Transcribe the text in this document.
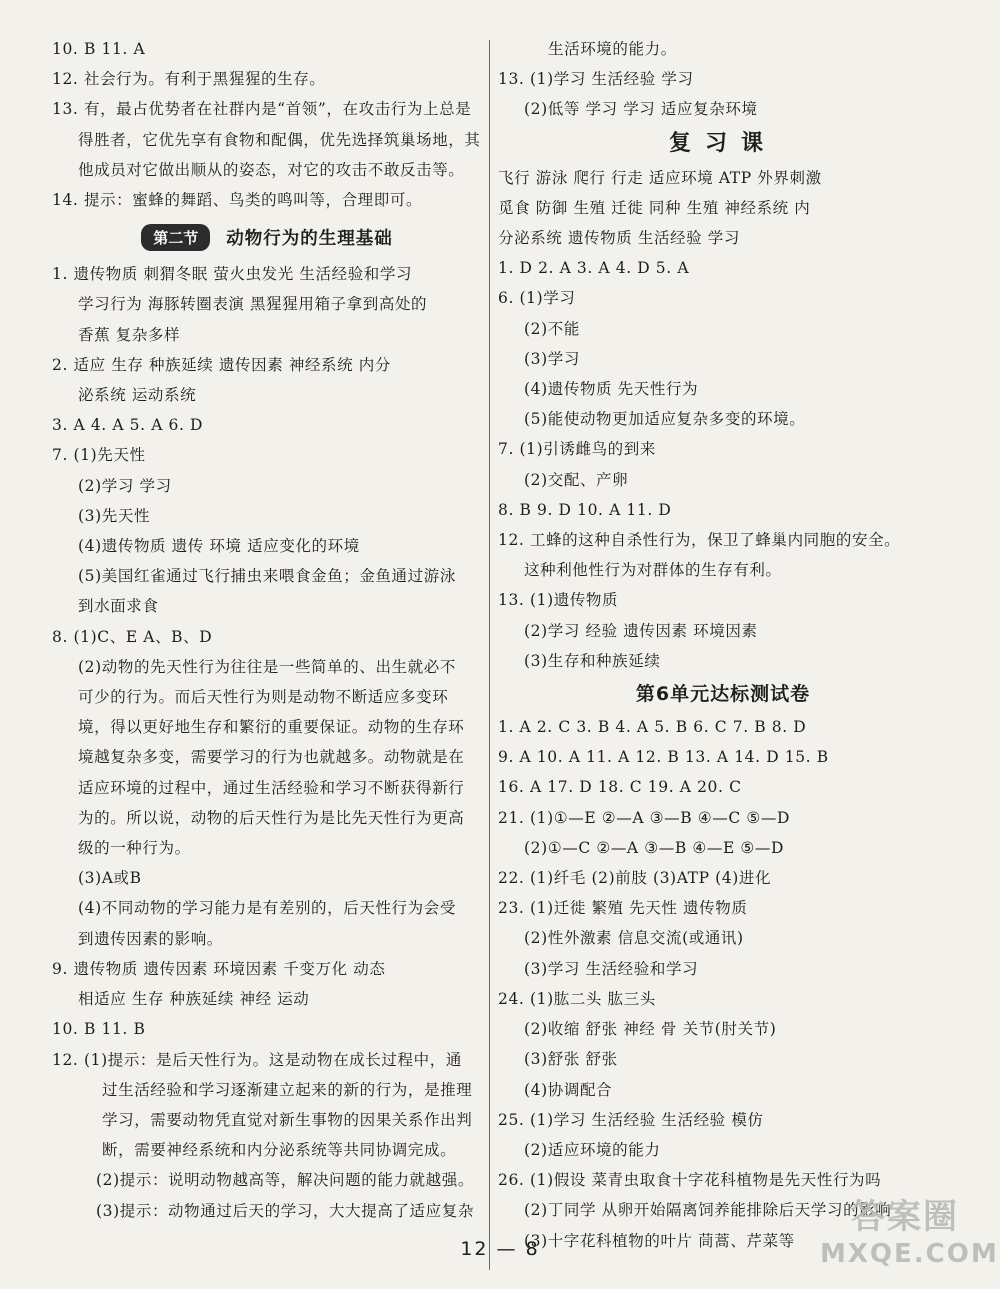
10. B 11. A
12. 社会行为。有利于黑猩猩的生存。
13. 有，最占优势者在社群内是“首领”，在攻击行为上总是
得胜者，它优先享有食物和配偶，优先选择筑巢场地，其
他成员对它做出顺从的姿态，对它的攻击不敢反击等。
14. 提示：蜜蜂的舞蹈、鸟类的鸣叫等，合理即可。
第二节	动物行为的生理基础
1. 遗传物质 刺猬冬眠 萤火虫发光 生活经验和学习
学习行为 海豚转圈表演 黑猩猩用箱子拿到高处的
香蕉 复杂多样
2. 适应 生存 种族延续 遗传因素 神经系统 内分
泌系统 运动系统
3. A 4. A 5. A 6. D
7. (1)先天性
(2)学习 学习
(3)先天性
(4)遗传物质 遗传 环境 适应变化的环境
(5)美国红雀通过飞行捕虫来喂食金鱼；金鱼通过游泳
到水面求食
8. (1)C、E A、B、D
(2)动物的先天性行为往往是一些简单的、出生就必不
可少的行为。而后天性行为则是动物不断适应多变环
境，得以更好地生存和繁衍的重要保证。动物的生存环
境越复杂多变，需要学习的行为也就越多。动物就是在
适应环境的过程中，通过生活经验和学习不断获得新行
为的。所以说，动物的后天性行为是比先天性行为更高
级的一种行为。
(3)A或B
(4)不同动物的学习能力是有差别的，后天性行为会受
到遗传因素的影响。
9. 遗传物质 遗传因素 环境因素 千变万化 动态
相适应 生存 种族延续 神经 运动
10. B 11. B
12. (1)提示：是后天性行为。这是动物在成长过程中，通
过生活经验和学习逐渐建立起来的新的行为，是推理
学习，需要动物凭直觉对新生事物的因果关系作出判
断，需要神经系统和内分泌系统等共同协调完成。
(2)提示：说明动物越高等，解决问题的能力就越强。
(3)提示：动物通过后天的学习，大大提高了适应复杂
生活环境的能力。
13. (1)学习 生活经验 学习
(2)低等 学习 学习 适应复杂环境
复习课
飞行 游泳 爬行 行走 适应环境 ATP 外界刺激
觅食 防御 生殖 迁徙 同种 生殖 神经系统 内
分泌系统 遗传物质 生活经验 学习
1. D 2. A 3. A 4. D 5. A
6. (1)学习
(2)不能
(3)学习
(4)遗传物质 先天性行为
(5)能使动物更加适应复杂多变的环境。
7. (1)引诱雌鸟的到来
(2)交配、产卵
8. B 9. D 10. A 11. D
12. 工蜂的这种自杀性行为，保卫了蜂巢内同胞的安全。
这种利他性行为对群体的生存有利。
13. (1)遗传物质
(2)学习 经验 遗传因素 环境因素
(3)生存和种族延续
第6单元达标测试卷
1. A 2. C 3. B 4. A 5. B 6. C 7. B 8. D
9. A 10. A 11. A 12. B 13. A 14. D 15. B
16. A 17. D 18. C 19. A 20. C
21. (1)①—E ②—A ③—B ④—C ⑤—D
(2)①—C ②—A ③—B ④—E ⑤—D
22. (1)纤毛 (2)前肢 (3)ATP (4)进化
23. (1)迁徙 繁殖 先天性 遗传物质
(2)性外激素 信息交流(或通讯)
(3)学习 生活经验和学习
24. (1)肱二头 肱三头
(2)收缩 舒张 神经 骨 关节(肘关节)
(3)舒张 舒张
(4)协调配合
25. (1)学习 生活经验 生活经验 模仿
(2)适应环境的能力
26. (1)假设 菜青虫取食十字花科植物是先天性行为吗
(2)丁同学 从卵开始隔离饲养能排除后天学习的影响
(3)十字花科植物的叶片 茼蒿、芹菜等
12 — 8
答案圈
MXQE.COM
